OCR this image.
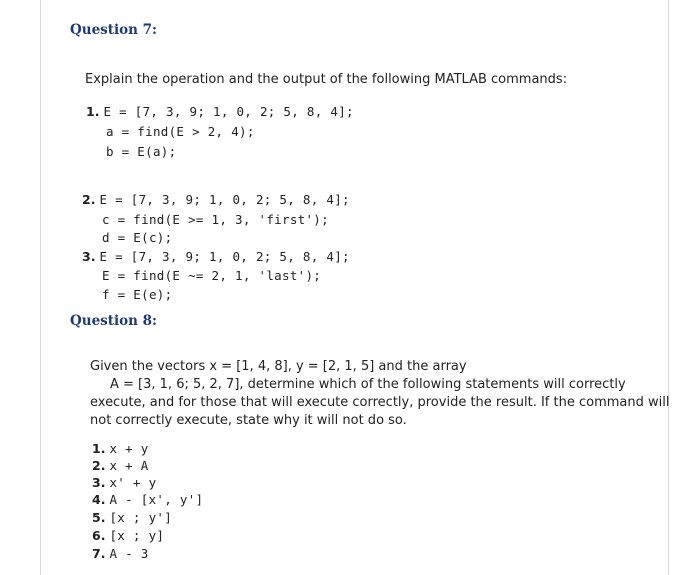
Question 7:
Explain the operation and the output of the following MATLAB commands:
1. E = [7, 3, 9; 1, 0, 2; 5, 8, 4];
a = find(E > 2, 4);
b = E(a);
2. E = [7, 3, 9; 1, 0, 2; 5, 8, 4];
c = find(E >= 1, 3, 'first');
d = E(c);
3. E = [7, 3, 9; 1, 0, 2; 5, 8, 4];
E = find(E ~= 2, 1, 'last');
f = E(e);
Question 8:
Given the vectors x = [1, 4, 8], y = [2, 1, 5] and the array
A = [3, 1, 6; 5, 2, 7], determine which of the following statements will correctly
execute, and for those that will execute correctly, provide the result. If the command will
not correctly execute, state why it will not do so.
1. x + y
2. x + A
3. x' + y
4. A - [x', y']
5. [x ; y']
6. [x ; y]
7. A - 3
